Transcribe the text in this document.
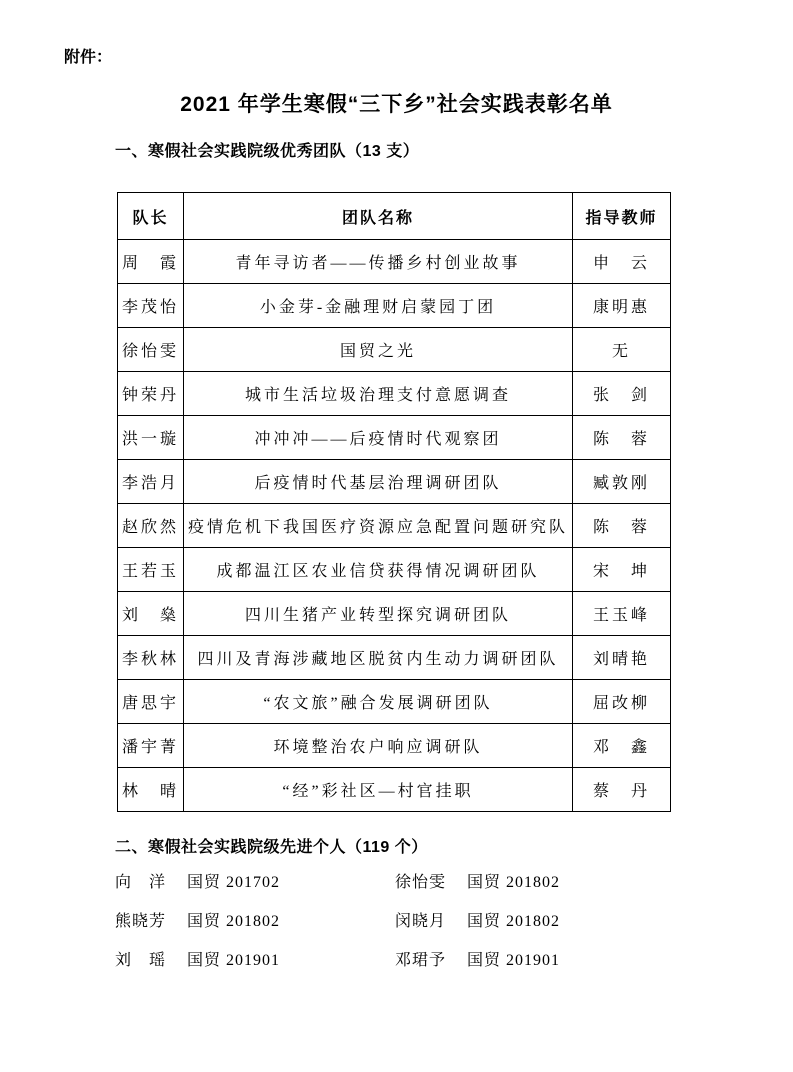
附件：
2021 年学生寒假“三下乡”社会实践表彰名单
一、寒假社会实践院级优秀团队（13 支）
队长	团队名称	指导教师
周　霞	青年寻访者——传播乡村创业故事	申　云
李茂怡	小金芽-金融理财启蒙园丁团	康明惠
徐怡雯	国贸之光	无
钟荣丹	城市生活垃圾治理支付意愿调查	张　剑
洪一璇	冲冲冲——后疫情时代观察团	陈　蓉
李浩月	后疫情时代基层治理调研团队	臧敦刚
赵欣然	疫情危机下我国医疗资源应急配置问题研究队	陈　蓉
王若玉	成都温江区农业信贷获得情况调研团队	宋　坤
刘　燊	四川生猪产业转型探究调研团队	王玉峰
李秋林	四川及青海涉藏地区脱贫内生动力调研团队	刘晴艳
唐思宇	“农文旅”融合发展调研团队	屈改柳
潘宇菁	环境整治农户响应调研队	邓　鑫
林　晴	“经”彩社区—村官挂职	蔡　丹
二、寒假社会实践院级先进个人（119 个）
向　洋	国贸 201702	徐怡雯	国贸 201802
熊晓芳	国贸 201802	闵晓月	国贸 201802
刘　瑶	国贸 201901	邓珺予	国贸 201901
